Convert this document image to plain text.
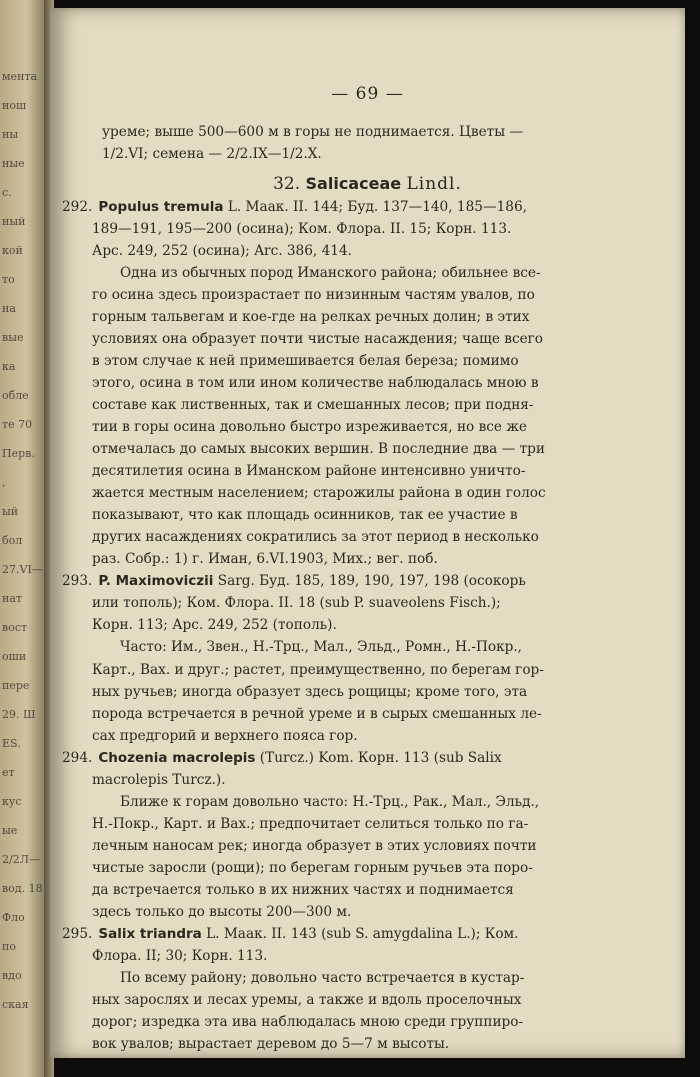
мента
нош
ны
ные
с.
ный
кой
то
на
вые
ка
обле
те 70
Перв.
,
ый
бол
27.VI—
нат
вост
оши
пере
29. Ш
ES.
ет
кус
ые
2/2Л—
вод. 18
Фло
по
вдо
ская
— 69 —
уреме; выше 500—600 м в горы не поднимается. Цветы —
1/2.VI; семена — 2/2.IX—1/2.X.
32. Salicaceae Lindl.
292. Populus tremula L. Маак. II. 144; Буд. 137—140, 185—186,
189—191, 195—200 (осина); Ком. Флора. II. 15; Корн. 113.
Арс. 249, 252 (осина); Arс. 386, 414.
Одна из обычных пород Иманского района; обильнее все-
го осина здесь произрастает по низинным частям увалов, по
горным тальвегам и кое-где на релках речных долин; в этих
условиях она образует почти чистые насаждения; чаще всего
в этом случае к ней примешивается белая береза; помимо
этого, осина в том или ином количестве наблюдалась мною в
составе как лиственных, так и смешанных лесов; при подня-
тии в горы осина довольно быстро изреживается, но все же
отмечалась до самых высоких вершин. В последние два — три
десятилетия осина в Иманском районе интенсивно уничто-
жается местным населением; старожилы района в один голос
показывают, что как площадь осинников, так ее участие в
других насаждениях сократились за этот период в несколько
раз. Собр.: 1) г. Иман, 6.VI.1903, Мих.; вег. поб.
293. P. Maximoviczii Sarg. Буд. 185, 189, 190, 197, 198 (осокорь
или тополь); Ком. Флора. II. 18 (sub P. suaveolens Fisch.);
Корн. 113; Арс. 249, 252 (тополь).
Часто: Им., Звен., Н.-Трц., Мал., Эльд., Ромн., Н.-Покр.,
Карт., Вах. и друг.; растет, преимущественно, по берегам гор-
ных ручьев; иногда образует здесь рощицы; кроме того, эта
порода встречается в речной уреме и в сырых смешанных ле-
сах предгорий и верхнего пояса гор.
294. Chozenia macrolepis (Turcz.) Kom. Корн. 113 (sub Salix
macrolepis Turcz.).
Ближе к горам довольно часто: Н.-Трц., Рак., Мал., Эльд.,
Н.-Покр., Карт. и Вах.; предпочитает селиться только по га-
лечным наносам рек; иногда образует в этих условиях почти
чистые заросли (рощи); по берегам горным ручьев эта поро-
да встречается только в их нижних частях и поднимается
здесь только до высоты 200—300 м.
295. Salix triandra L. Маак. II. 143 (sub S. amygdalina L.); Ком.
Флора. II; 30; Корн. 113.
По всему району; довольно часто встречается в кустар-
ных зарослях и лесах уремы, а также и вдоль проселочных
дорог; изредка эта ива наблюдалась мною среди группиро-
вок увалов; вырастает деревом до 5—7 м высоты.
